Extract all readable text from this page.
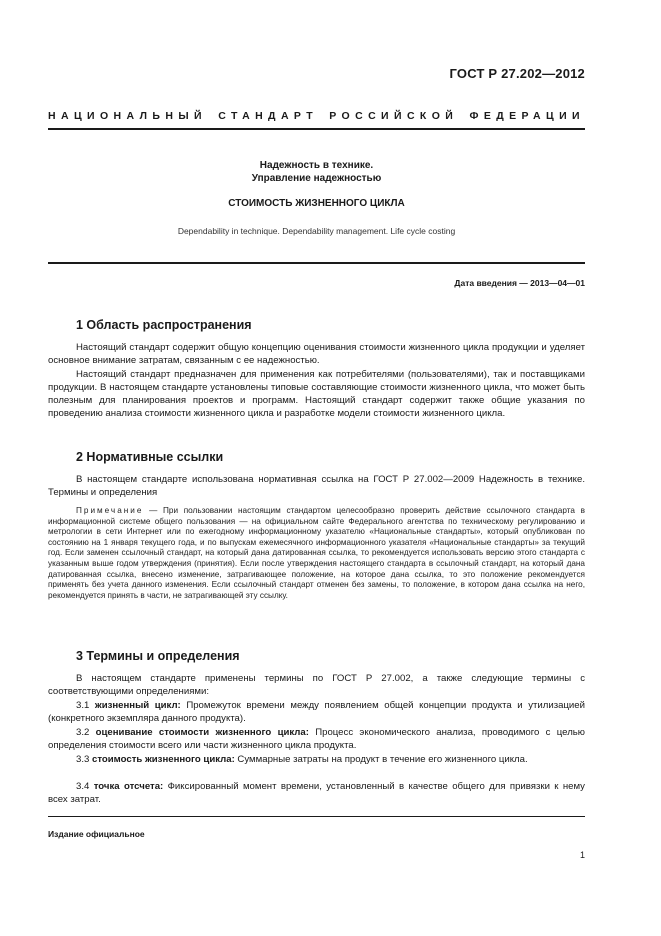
ГОСТ Р 27.202—2012
НАЦИОНАЛЬНЫЙ СТАНДАРТ РОССИЙСКОЙ ФЕДЕРАЦИИ
Надежность в технике.
Управление надежностью
СТОИМОСТЬ ЖИЗНЕННОГО ЦИКЛА
Dependability in technique. Dependability management. Life cycle costing
Дата введения — 2013—04—01
1 Область распространения
Настоящий стандарт содержит общую концепцию оценивания стоимости жизненного цикла продукции и уделяет основное внимание затратам, связанным с ее надежностью.
Настоящий стандарт предназначен для применения как потребителями (пользователями), так и поставщиками продукции. В настоящем стандарте установлены типовые составляющие стоимости жизненного цикла, что может быть полезным для планирования проектов и программ. Настоящий стандарт содержит также общие указания по проведению анализа стоимости жизненного цикла и разработке модели стоимости жизненного цикла.
2 Нормативные ссылки
В настоящем стандарте использована нормативная ссылка на ГОСТ Р 27.002—2009 Надежность в технике. Термины и определения
Примечание — При пользовании настоящим стандартом целесообразно проверить действие ссылочного стандарта в информационной системе общего пользования — на официальном сайте Федерального агентства по техническому регулированию и метрологии в сети Интернет или по ежегодному информационному указателю «Национальные стандарты», который опубликован по состоянию на 1 января текущего года, и по выпускам ежемесячного информационного указателя «Национальные стандарты» за текущий год. Если заменен ссылочный стандарт, на который дана датированная ссылка, то рекомендуется использовать версию этого стандарта с указанным выше годом утверждения (принятия). Если после утверждения настоящего стандарта в ссылочный стандарт, на который дана датированная ссылка, внесено изменение, затрагивающее положение, на которое дана ссылка, то это положение рекомендуется применять без учета данного изменения. Если ссылочный стандарт отменен без замены, то положение, в котором дана ссылка на него, рекомендуется принять в части, не затрагивающей эту ссылку.
3 Термины и определения
В настоящем стандарте применены термины по ГОСТ Р 27.002, а также следующие термины с соответствующими определениями:
3.1 жизненный цикл: Промежуток времени между появлением общей концепции продукта и утилизацией (конкретного экземпляра данного продукта).
3.2 оценивание стоимости жизненного цикла: Процесс экономического анализа, проводимого с целью определения стоимости всего или части жизненного цикла продукта.
3.3 стоимость жизненного цикла: Суммарные затраты на продукт в течение его жизненного цикла.
3.4 точка отсчета: Фиксированный момент времени, установленный в качестве общего для привязки к нему всех затрат.
Издание официальное
1
